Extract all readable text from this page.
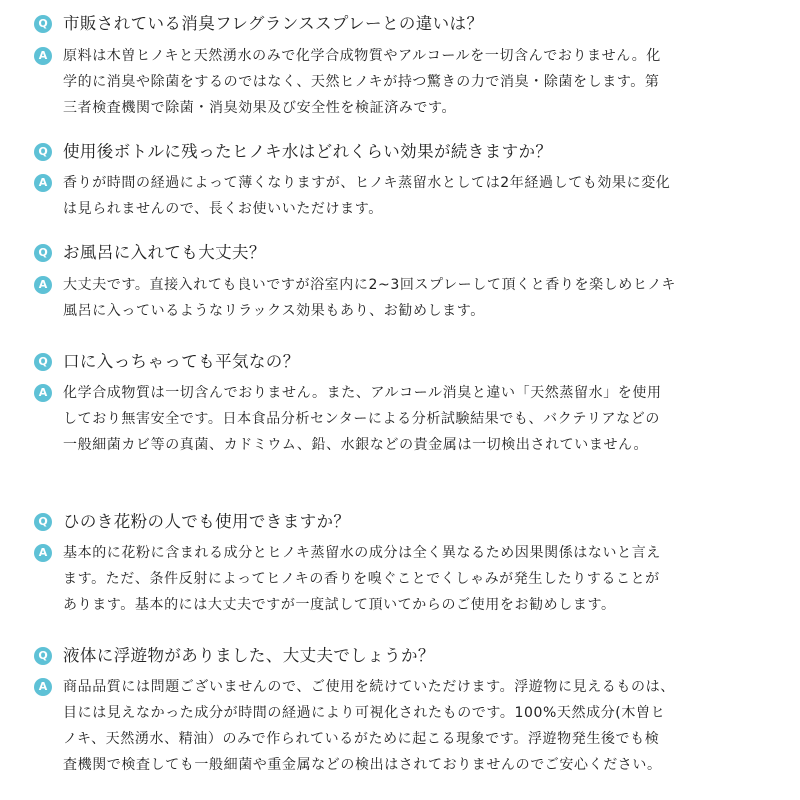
Q 市販されている消臭フレグランススプレーとの違いは？
A	原料は木曽ヒノキと天然湧水のみで化学合成物質やアルコールを一切含んでおりません。化
学的に消臭や除菌をするのではなく、天然ヒノキが持つ驚きの力で消臭・除菌をします。第
三者検査機関で除菌・消臭効果及び安全性を検証済みです。
Q 使用後ボトルに残ったヒノキ水はどれくらい効果が続きますか？
A	香りが時間の経過によって薄くなりますが、ヒノキ蒸留水としては2年経過しても効果に変化
は見られませんので、長くお使いいただけます。
Q お風呂に入れても大丈夫？
A	大丈夫です。直接入れても良いですが浴室内に2~3回スプレーして頂くと香りを楽しめヒノキ
風呂に入っているようなリラックス効果もあり、お勧めします。
Q 口に入っちゃっても平気なの？
A	化学合成物質は一切含んでおりません。また、アルコール消臭と違い「天然蒸留水」を使用
しており無害安全です。日本食品分析センターによる分析試験結果でも、バクテリアなどの
一般細菌カビ等の真菌、カドミウム、鉛、水銀などの貴金属は一切検出されていません。
Q ひのき花粉の人でも使用できますか？
A	基本的に花粉に含まれる成分とヒノキ蒸留水の成分は全く異なるため因果関係はないと言え
ます。ただ、条件反射によってヒノキの香りを嗅ぐことでくしゃみが発生したりすることが
あります。基本的には大丈夫ですが一度試して頂いてからのご使用をお勧めします。
Q 液体に浮遊物がありました、大丈夫でしょうか？
A	商品品質には問題ございませんので、ご使用を続けていただけます。浮遊物に見えるものは、
目には見えなかった成分が時間の経過により可視化されたものです。100%天然成分(木曽ヒ
ノキ、天然湧水、精油）のみで作られているがために起こる現象です。浮遊物発生後でも検
査機関で検査しても一般細菌や重金属などの検出はされておりませんのでご安心ください。
